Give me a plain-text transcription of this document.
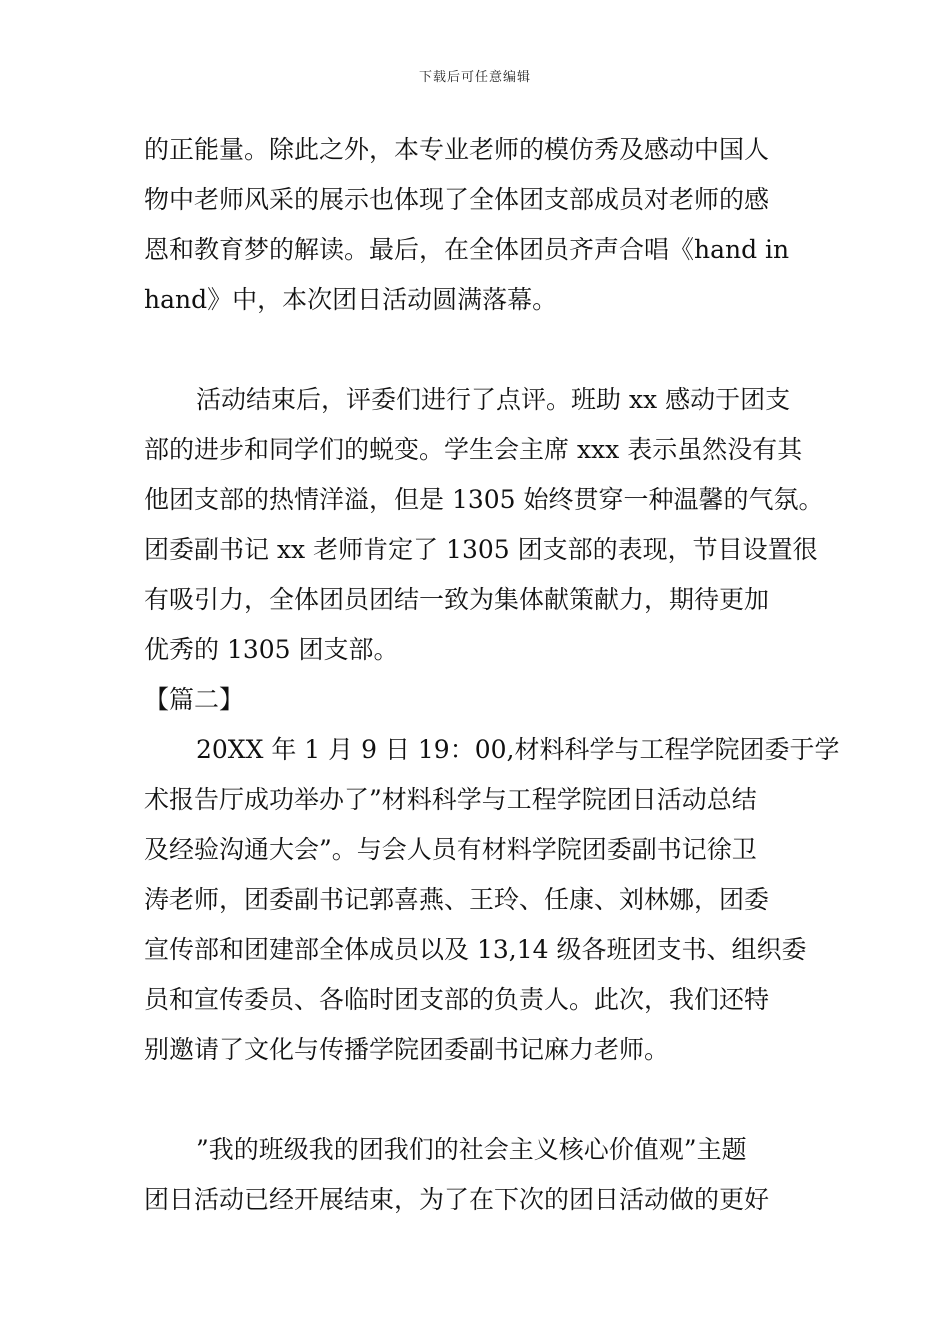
下载后可任意编辑
的正能量。除此之外，本专业老师的模仿秀及感动中国人
物中老师风采的展示也体现了全体团支部成员对老师的感
恩和教育梦的解读。最后，在全体团员齐声合唱《hand in
hand》中，本次团日活动圆满落幕。
活动结束后，评委们进行了点评。班助 xx 感动于团支
部的进步和同学们的蜕变。学生会主席 xxx 表示虽然没有其
他团支部的热情洋溢，但是 1305 始终贯穿一种温馨的气氛。
团委副书记 xx 老师肯定了 1305 团支部的表现，节目设置很
有吸引力，全体团员团结一致为集体献策献力，期待更加
优秀的 1305 团支部。
【篇二】
20XX 年 1 月 9 日 19：00,材料科学与工程学院团委于学
术报告厅成功举办了”材料科学与工程学院团日活动总结
及经验沟通大会”。与会人员有材料学院团委副书记徐卫
涛老师，团委副书记郭喜燕、王玲、任康、刘林娜，团委
宣传部和团建部全体成员以及 13,14 级各班团支书、组织委
员和宣传委员、各临时团支部的负责人。此次，我们还特
别邀请了文化与传播学院团委副书记麻力老师。
”我的班级我的团我们的社会主义核心价值观”主题
团日活动已经开展结束，为了在下次的团日活动做的更好
